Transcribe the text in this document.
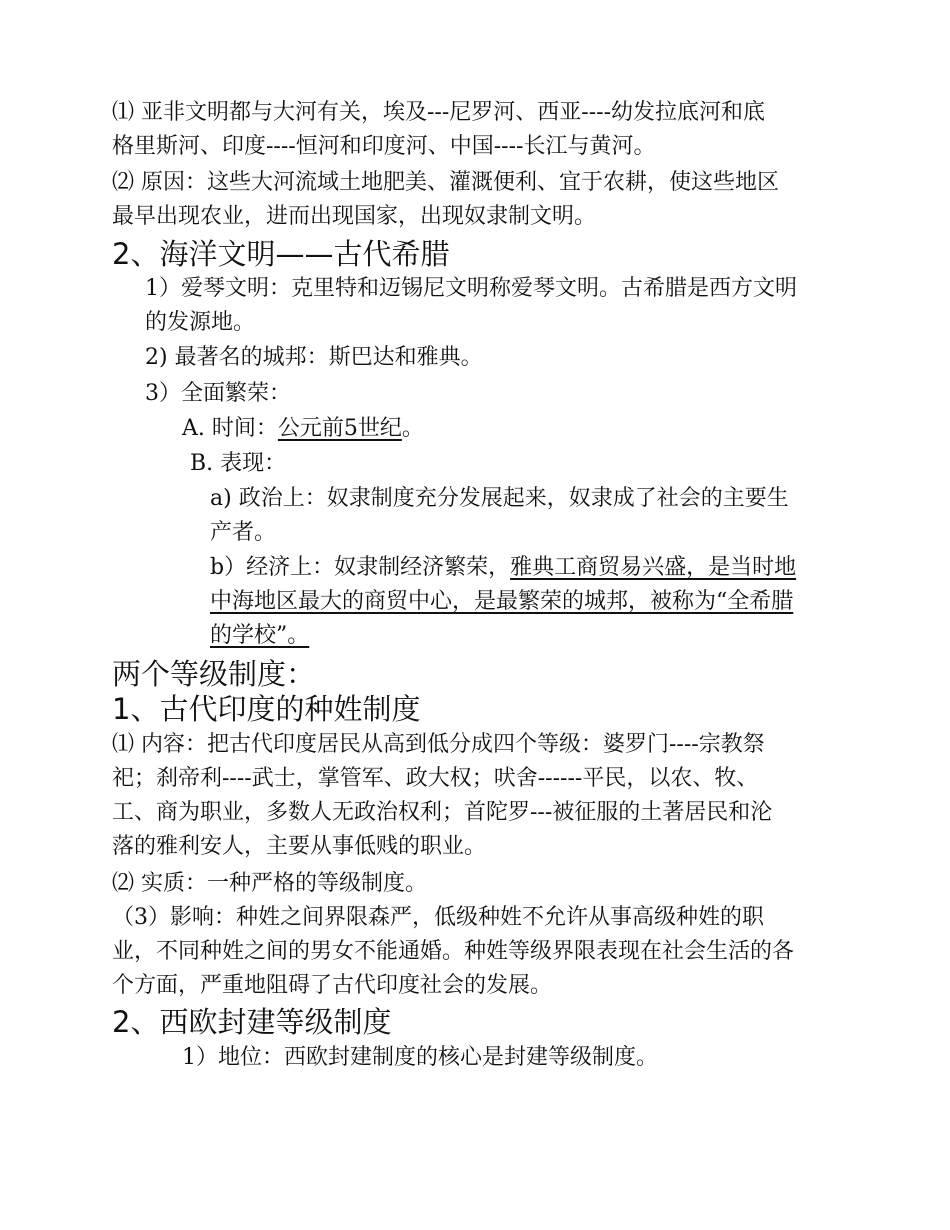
⑴ 亚非文明都与大河有关，埃及---尼罗河、西亚----幼发拉底河和底
格里斯河、印度----恒河和印度河、中国----长江与黄河。
⑵ 原因：这些大河流域土地肥美、灌溉便利、宜于农耕，使这些地区
最早出现农业，进而出现国家，出现奴隶制文明。
2、海洋文明——古代希腊
1）爱琴文明：克里特和迈锡尼文明称爱琴文明。古希腊是西方文明
的发源地。
2) 最著名的城邦：斯巴达和雅典。
3）全面繁荣：
A. 时间：公元前5世纪。
B. 表现：
a) 政治上：奴隶制度充分发展起来，奴隶成了社会的主要生
产者。
b）经济上：奴隶制经济繁荣，雅典工商贸易兴盛，是当时地
中海地区最大的商贸中心，是最繁荣的城邦，被称为“全希腊
的学校”。
两个等级制度：
1、古代印度的种姓制度
⑴ 内容：把古代印度居民从高到低分成四个等级：婆罗门----宗教祭
祀；刹帝利----武士，掌管军、政大权；吠舍------平民，以农、牧、
工、商为职业，多数人无政治权利；首陀罗---被征服的土著居民和沦
落的雅利安人，主要从事低贱的职业。
⑵ 实质：一种严格的等级制度。
（3）影响：种姓之间界限森严，低级种姓不允许从事高级种姓的职
业，不同种姓之间的男女不能通婚。种姓等级界限表现在社会生活的各
个方面，严重地阻碍了古代印度社会的发展。
2、西欧封建等级制度
1）地位：西欧封建制度的核心是封建等级制度。
